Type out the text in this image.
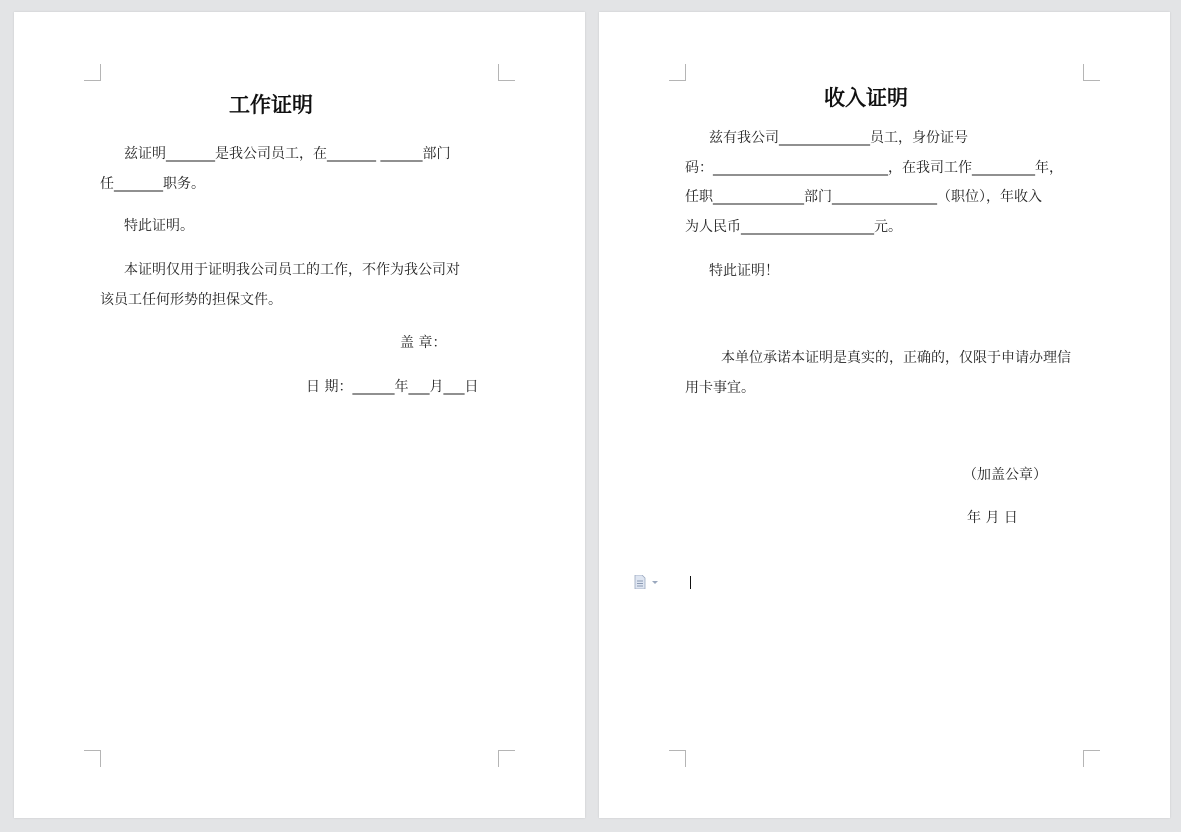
工作证明
兹证明_______是我公司员工，在_______ ______部门
任_______职务。
特此证明。
本证明仅用于证明我公司员工的工作，不作为我公司对
该员工任何形势的担保文件。
盖 章：
日 期：______年___月___日
收入证明
兹有我公司_____________员工，身份证号
码：_________________________，在我司工作_________年，
任职_____________部门_______________（职位），年收入
为人民币___________________元。
特此证明！
本单位承诺本证明是真实的，正确的，仅限于申请办理信
用卡事宜。
（加盖公章）
年 月 日
